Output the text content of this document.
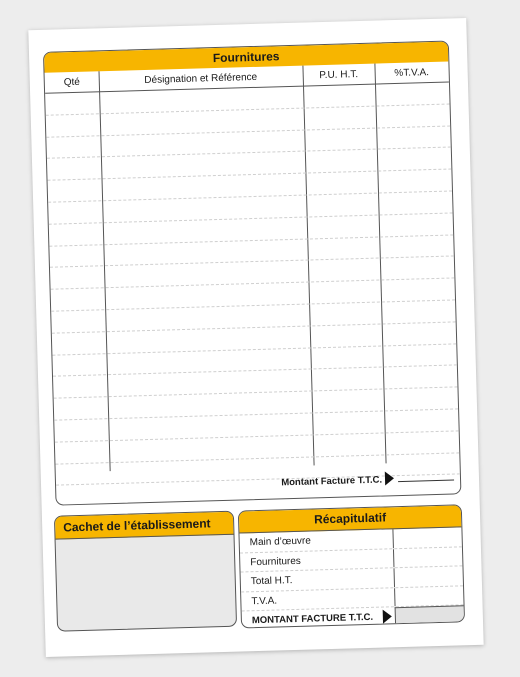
Fournitures
Qté	Désignation et Référence	P.U. H.T.	%T.V.A.
Montant Facture T.T.C.
Cachet de l’établissement	Récapitulatif
Main d’œuvre
Fournitures
Total H.T.
T.V.A.
MONTANT FACTURE T.T.C.
